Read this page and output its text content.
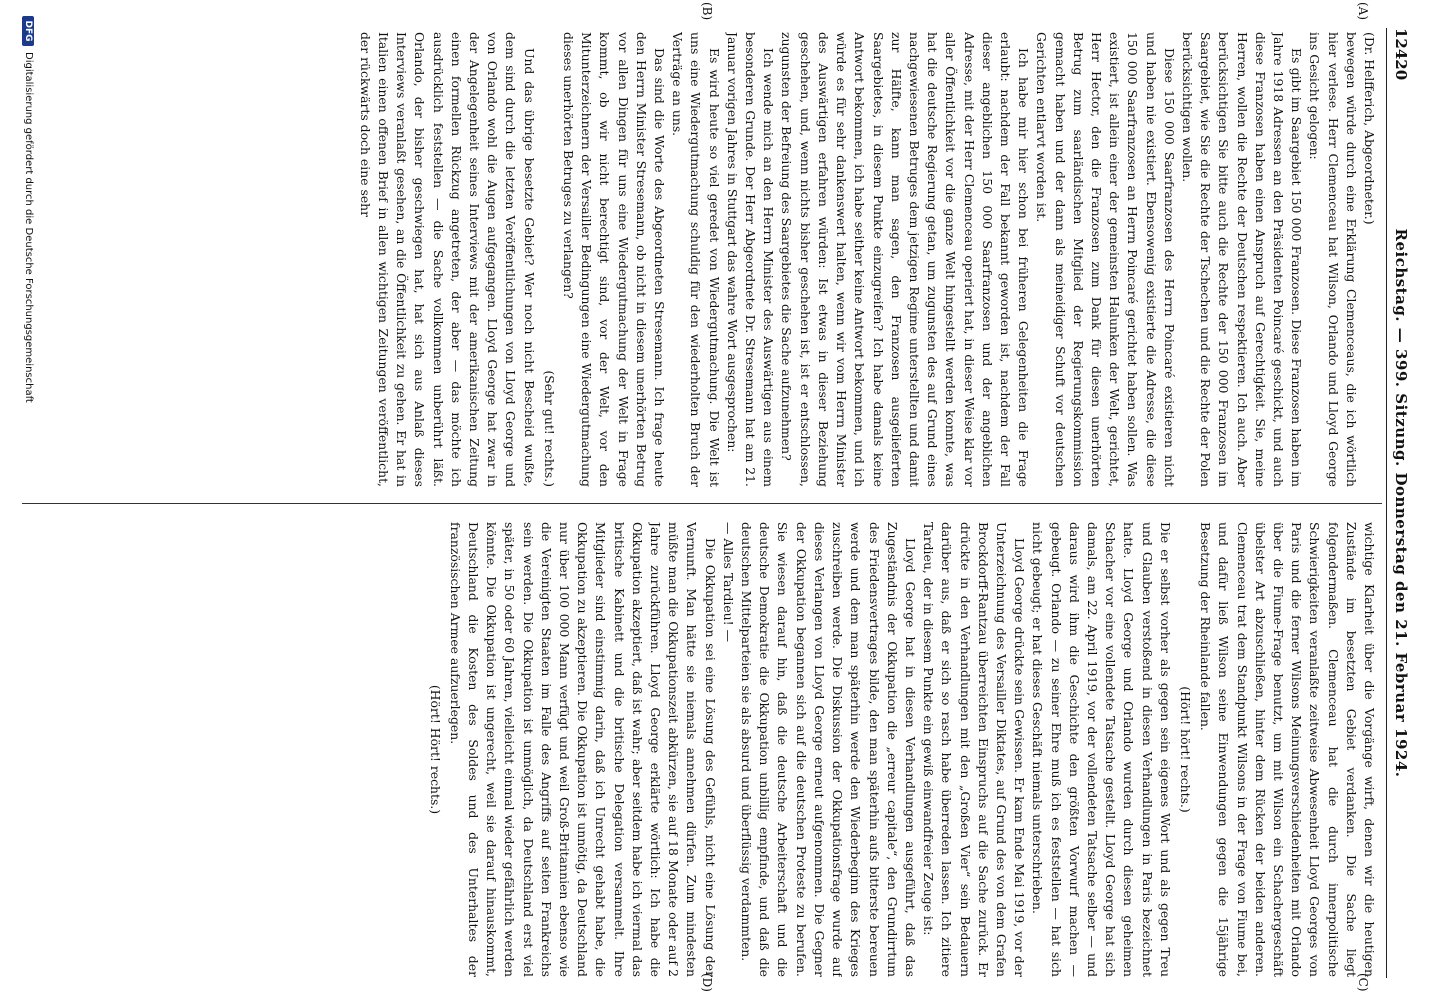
12420
Reichstag. — 399. Sitzung. Donnerstag den 21. Februar 1924.
(A)
(B)
(C)
(D)

(Dr. Helfferich, Abgeordneter.)

bewegen würde durch eine Erklärung Clemenceaus, die ich wörtlich hier verlese. Herr Clemenceau hat Wilson, Orlando und Lloyd George ins Gesicht gelogen:

Es gibt im Saargebiet 150 000 Franzosen. Diese Franzosen haben im Jahre 1918 Adressen an den Präsidenten Poincaré geschickt, und auch diese Franzosen haben einen Anspruch auf Gerechtigkeit. Sie, meine Herren, wollen die Rechte der Deutschen respektieren. Ich auch. Aber berücksichtigen Sie bitte auch die Rechte der 150 000 Franzosen im Saargebiet, wie Sie die Rechte der Tschechen und die Rechte der Polen berücksichtigen wollen.

Diese 150 000 Saarfranzosen des Herrn Poincaré existieren nicht und haben nie existiert. Ebensowenig existierte die Adresse, die diese 150 000 Saarfranzosen an Herrn Poincaré gerichtet haben sollen. Was existiert, ist allein einer der gemeinsten Halunken der Welt, gerichtet, Herr Hector, den die Franzosen zum Dank für diesen unerhörten Betrug zum saarländischen Mitglied der Regierungskommission gemacht haben und der dann als meineidiger Schuft vor deutschen Gerichten entlarvt worden ist.

Ich habe mir hier schon bei früheren Gelegenheiten die Frage erlaubt: nachdem der Fall bekannt geworden ist, nachdem der Fall dieser angeblichen 150 000 Saarfranzosen und der angeblichen Adresse, mit der Herr Clemenceau operiert hat, in dieser Weise klar vor aller Öffentlichkeit vor die ganze Welt hingestellt werden konnte, was hat die deutsche Regierung getan, um zugunsten des auf Grund eines nachgewiesenen Betruges dem jetzigen Regime unterstellten und damit zur Hälfte, kann man sagen, den Franzosen ausgelieferten Saargebietes, in diesem Punkte einzugreifen? Ich habe damals keine Antwort bekommen, ich habe seither keine Antwort bekommen, und ich würde es für sehr dankenswert halten, wenn wir vom Herrn Minister des Auswärtigen erfahren würden: Ist etwas in dieser Beziehung geschehen, und, wenn nichts bisher geschehen ist, ist er entschlossen, zugunsten der Befreiung des Saargebietes die Sache aufzunehmen?

Ich wende mich an den Herrn Minister des Auswärtigen aus einem besonderen Grunde. Der Herr Abgeordnete Dr. Stresemann hat am 21. Januar vorigen Jahres in Stuttgart das wahre Wort ausgesprochen:

Es wird heute so viel geredet von Wiedergutmachung. Die Welt ist uns eine Wiedergutmachung schuldig für den wiederholten Bruch der Verträge an uns.

Das sind die Worte des Abgeordneten Stresemann. Ich frage heute den Herrn Minister Stresemann, ob nicht in diesem unerhörten Betrug vor allen Dingen für uns eine Wiedergutmachung der Welt in Frage kommt, ob wir nicht berechtigt sind, vor der Welt, vor den Mitunterzeichnern der Versailler Bedingungen eine Wiedergutmachung dieses unerhörten Betruges zu verlangen?

(Sehr gut! rechts.)

Und das übrige besetzte Gebiet? Wer noch nicht Bescheid wußte, dem sind durch die letzten Veröffentlichungen von Lloyd George und von Orlando wohl die Augen aufgegangen. Lloyd George hat zwar in der Angelegenheit seines Interviews mit der amerikanischen Zeitung einen formellen Rückzug angetreten, der aber — das möchte ich ausdrücklich feststellen — die Sache vollkommen unberührt läßt. Orlando, der bisher geschwiegen hat, hat sich aus Anlaß dieses Interviews veranlaßt gesehen, an die Öffentlichkeit zu gehen. Er hat in Italien einen offenen Brief in allen wichtigen Zeitungen veröffentlicht, der rückwärts doch eine sehr

wichtige Klarheit über die Vorgänge wirft, denen wir die heutigen Zustände im besetzten Gebiet verdanken. Die Sache liegt folgendermaßen. Clemenceau hat die durch innerpolitische Schwierigkeiten veranlaßte zeitweise Abwesenheit Lloyd Georges von Paris und die ferner Wilsons Meinungsverschiedenheiten mit Orlando über die Fiume-Frage benutzt, um mit Wilson ein Schachergeschäft übelster Art abzuschließen, hinter dem Rücken der beiden anderen. Clemenceau trat dem Standpunkt Wilsons in der Frage von Fiume bei, und dafür ließ Wilson seine Einwendungen gegen die 15jährige Besetzung der Rheinlande fallen.

(Hört! hört! rechts.)

Die er selbst vorher als gegen sein eigenes Wort und als gegen Treu und Glauben verstoßend in diesen Verhandlungen in Paris bezeichnet hatte. Lloyd George und Orlando wurden durch diesen geheimen Schacher vor eine vollendete Tatsache gestellt. Lloyd George hat sich damals, am 22. April 1919, vor der vollendeten Tatsache selber — und daraus wird ihm die Geschichte den größten Vorwurf machen — gebeugt. Orlando — zu seiner Ehre muß ich es feststellen — hat sich nicht gebeugt; er hat dieses Geschäft niemals unterschrieben.

Lloyd George drückte sein Gewissen. Er kam Ende Mai 1919, vor der Unterzeichnung des Versailler Diktates, auf Grund des von dem Grafen Brockdorff-Rantzau überreichten Einspruchs auf die Sache zurück. Er drückte in den Verhandlungen mit den „Großen Vier“ sein Bedauern darüber aus, daß er sich so rasch habe überreden lassen. Ich zitiere Tardieu, der in diesem Punkte ein gewiß einwandfreier Zeuge ist:

Lloyd George hat in diesen Verhandlungen ausgeführt, daß das Zugeständnis der Okkupation die „erreur capitale“, den Grundirrtum des Friedensvertrages bilde, den man späterhin aufs bitterste bereuen werde und dem man späterhin werde den Wiederbeginn des Krieges zuschreiben werde. Die Diskussion der Okkupationsfrage wurde auf dieses Verlangen von Lloyd George erneut aufgenommen. Die Gegner der Okkupation begannen sich auf die deutschen Proteste zu berufen. Sie wiesen darauf hin, daß die deutsche Arbeiterschaft und die deutsche Demokratie die Okkupation unbillig empfinde, und daß die deutschen Mittelparteien sie als absurd und überflüssig verdammten.

— Alles Tardieu! —

Die Okkupation sei eine Lösung des Gefühls, nicht eine Lösung der Vernunft. Man hätte sie niemals annehmen dürfen. Zum mindesten müßte man die Okkupationszeit abkürzen, sie auf 18 Monate oder auf 2 Jahre zurückführen. Lloyd George erklärte wörtlich: Ich habe die Okkupation akzeptiert, daß ist wahr; aber seitdem habe ich viermal das britische Kabinett und die britische Delegation versammelt. Ihre Mitglieder sind einstimmig darin, daß ich Unrecht gehabt habe, die Okkupation zu akzeptieren. Die Okkupation ist unnötig, da Deutschland nur über 100 000 Mann verfügt und weil Groß-Britannien ebenso wie die Vereinigten Staaten im Falle des Angriffs auf seiten Frankreichs sein werden. Die Okkupation ist unmöglich, da Deutschland erst viel später, in 50 oder 60 Jahren, vielleicht einmal wieder gefährlich werden könnte. Die Okkupation ist ungerecht, weil sie darauf hinauskommt, Deutschland die Kosten des Soldes und des Unterhaltes der französischen Armee aufzuerlegen.

(Hört! Hört! rechts.)

DFG
Digitalisierung gefördert durch die Deutsche Forschungsgemeinschaft
